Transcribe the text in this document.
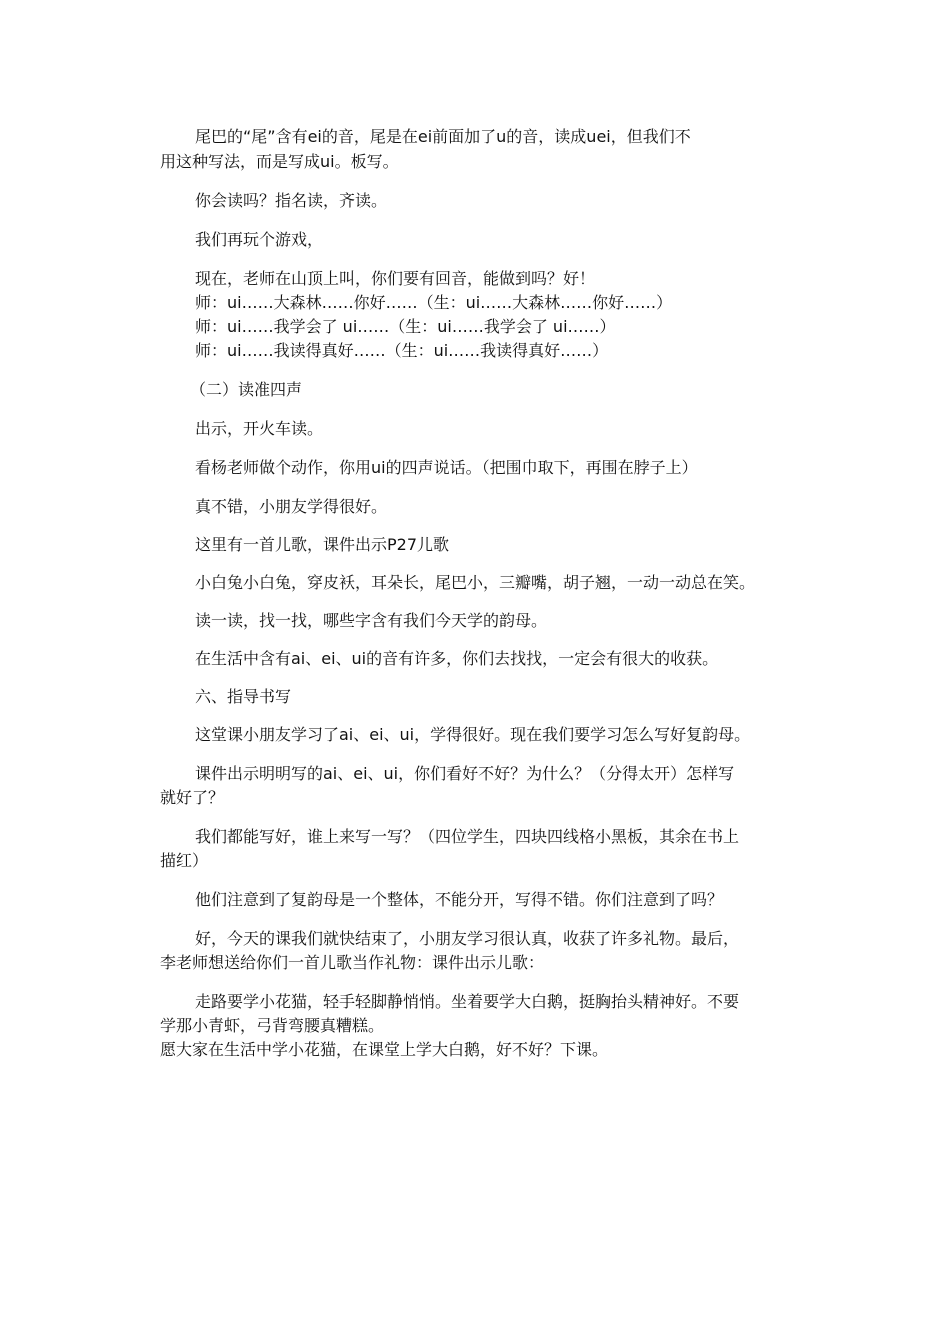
尾巴的“尾”含有ei的音，尾是在ei前面加了u的音，读成uei，但我们不

用这种写法，而是写成ui。板写。

你会读吗？指名读，齐读。

我们再玩个游戏，

现在，老师在山顶上叫，你们要有回音，能做到吗？好！

师：ui……大森林……你好……（生：ui……大森林……你好……）

师：ui……我学会了 ui……（生：ui……我学会了 ui……）

师：ui……我读得真好……（生：ui……我读得真好……）

（二）读准四声

出示，开火车读。

看杨老师做个动作，你用ui的四声说话。（把围巾取下，再围在脖子上）

真不错，小朋友学得很好。

这里有一首儿歌，课件出示P27儿歌

小白兔小白兔，穿皮袄，耳朵长，尾巴小，三瓣嘴，胡子翘，一动一动总在笑。

读一读，找一找，哪些字含有我们今天学的韵母。

在生活中含有ai、ei、ui的音有许多，你们去找找，一定会有很大的收获。

六、指导书写

这堂课小朋友学习了ai、ei、ui，学得很好。现在我们要学习怎么写好复韵母。

课件出示明明写的ai、ei、ui，你们看好不好？为什么？（分得太开）怎样写

就好了？

我们都能写好，谁上来写一写？（四位学生，四块四线格小黑板，其余在书上

描红）

他们注意到了复韵母是一个整体，不能分开，写得不错。你们注意到了吗？

好，今天的课我们就快结束了，小朋友学习很认真，收获了许多礼物。最后，

李老师想送给你们一首儿歌当作礼物：课件出示儿歌：

走路要学小花猫，轻手轻脚静悄悄。坐着要学大白鹅，挺胸抬头精神好。不要

学那小青虾，弓背弯腰真糟糕。

愿大家在生活中学小花猫，在课堂上学大白鹅，好不好？下课。
